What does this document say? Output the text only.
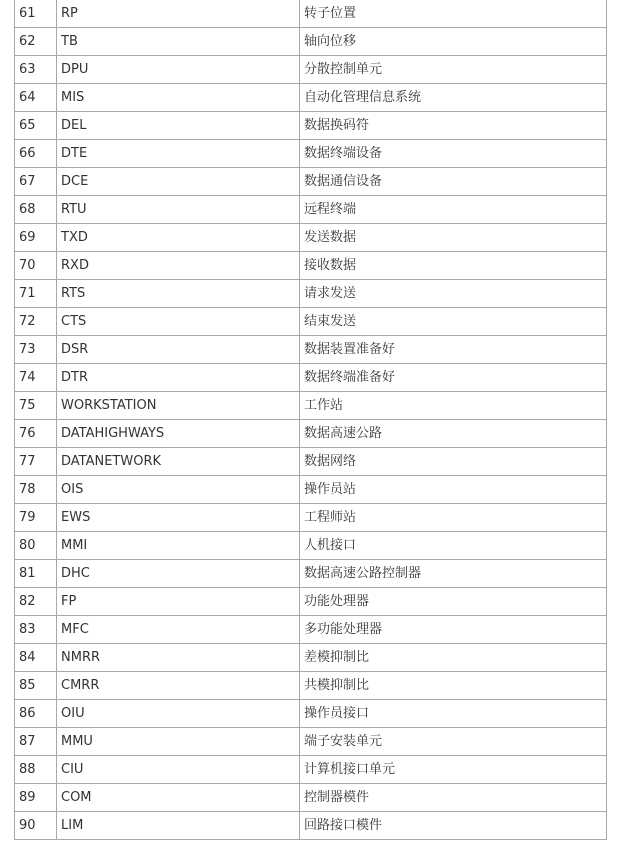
61	RP	转子位置
62	TB	轴向位移
63	DPU	分散控制单元
64	MIS	自动化管理信息系统
65	DEL	数据换码符
66	DTE	数据终端设备
67	DCE	数据通信设备
68	RTU	远程终端
69	TXD	发送数据
70	RXD	接收数据
71	RTS	请求发送
72	CTS	结束发送
73	DSR	数据装置准备好
74	DTR	数据终端准备好
75	WORKSTATION	工作站
76	DATAHIGHWAYS	数据高速公路
77	DATANETWORK	数据网络
78	OIS	操作员站
79	EWS	工程师站
80	MMI	人机接口
81	DHC	数据高速公路控制器
82	FP	功能处理器
83	MFC	多功能处理器
84	NMRR	差模抑制比
85	CMRR	共模抑制比
86	OIU	操作员接口
87	MMU	端子安装单元
88	CIU	计算机接口单元
89	COM	控制器模件
90	LIM	回路接口模件
